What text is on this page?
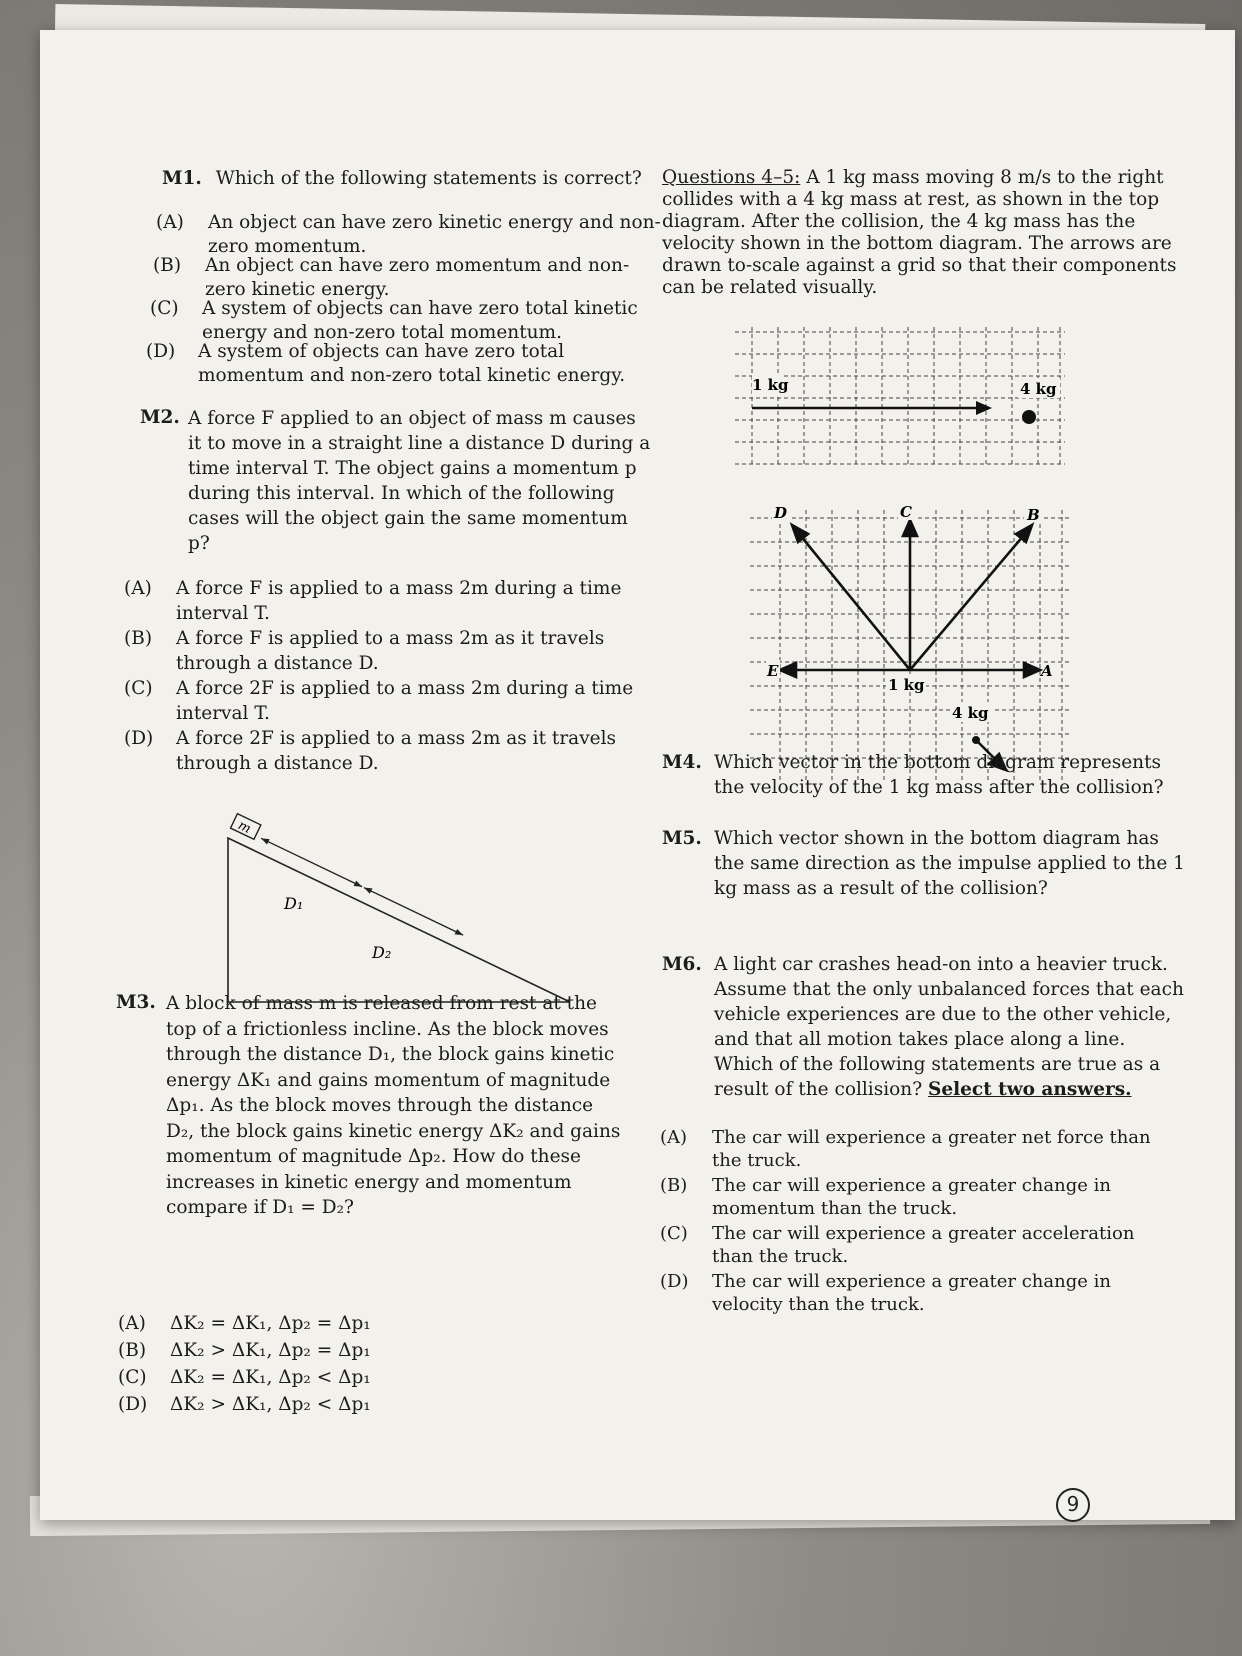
M1. Which of the following statements is correct?
(A)	An object can have zero kinetic energy and non-
zero momentum.
(B)	An object can have zero momentum and non-
zero kinetic energy.
(C)	A system of objects can have zero total kinetic
energy and non-zero total momentum.
(D)	A system of objects can have zero total
momentum and non-zero total kinetic energy.
M2. A force F applied to an object of mass m causes
it to move in a straight line a distance D during a
time interval T. The object gains a momentum p
during this interval. In which of the following
cases will the object gain the same momentum
p?
(A)	A force F is applied to a mass 2m during a time
interval T.
(B)	A force F is applied to a mass 2m as it travels
through a distance D.
(C)	A force 2F is applied to a mass 2m during a time
interval T.
(D)	A force 2F is applied to a mass 2m as it travels
through a distance D.
m
D₁
D₂
M3. A block of mass m is released from rest at the
top of a frictionless incline. As the block moves
through the distance D₁, the block gains kinetic
energy ΔK₁ and gains momentum of magnitude
Δp₁. As the block moves through the distance
D₂, the block gains kinetic energy ΔK₂ and gains
momentum of magnitude Δp₂. How do these
increases in kinetic energy and momentum
compare if D₁ = D₂?
(A)	ΔK₂ = ΔK₁, Δp₂ = Δp₁
(B)	ΔK₂ > ΔK₁, Δp₂ = Δp₁
(C)	ΔK₂ = ΔK₁, Δp₂ < Δp₁
(D)	ΔK₂ > ΔK₁, Δp₂ < Δp₁
Questions 4–5: A 1 kg mass moving 8 m/s to the right
collides with a 4 kg mass at rest, as shown in the top
diagram. After the collision, the 4 kg mass has the
velocity shown in the bottom diagram. The arrows are
drawn to-scale against a grid so that their components
can be related visually.
1 kg	4 kg
D	C	B
E	A
1 kg
4 kg
M4. Which vector in the bottom diagram represents
the velocity of the 1 kg mass after the collision?
M5. Which vector shown in the bottom diagram has
the same direction as the impulse applied to the 1
kg mass as a result of the collision?
M6. A light car crashes head-on into a heavier truck.
Assume that the only unbalanced forces that each
vehicle experiences are due to the other vehicle,
and that all motion takes place along a line.
Which of the following statements are true as a
result of the collision? Select two answers.
(A)	The car will experience a greater net force than
the truck.
(B)	The car will experience a greater change in
momentum than the truck.
(C)	The car will experience a greater acceleration
than the truck.
(D)	The car will experience a greater change in
velocity than the truck.
9
